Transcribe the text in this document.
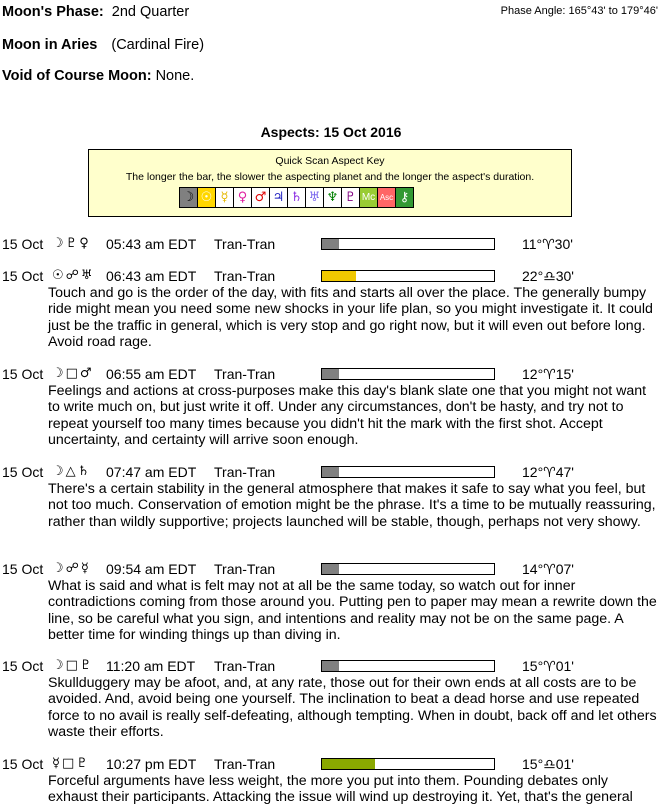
Moon's Phase: 2nd Quarter	Phase Angle: 165°43' to 179°46'
Moon in Aries (Cardinal Fire)
Void of Course Moon: None.
Aspects: 15 Oct 2016
Quick Scan Aspect Key
The longer the bar, the slower the aspecting planet and the longer the aspect's duration.
☽ ☉ ☿ ♀ ♂ ♃ ♄ ♅ ♆ ♇ Mc Asc ⚷
15 Oct ☽♇♀ 05:43 am EDT Tran-Tran	11°♈30'
15 Oct ☉☍♅ 06:43 am EDT Tran-Tran	22°♎30'
Touch and go is the order of the day, with fits and starts all over the place. The generally bumpy ride might mean you need some new shocks in your life plan, so you might investigate it. It could just be the traffic in general, which is very stop and go right now, but it will even out before long. Avoid road rage.
15 Oct ☽□♂ 06:55 am EDT Tran-Tran	12°♈15'
Feelings and actions at cross-purposes make this day's blank slate one that you might not want to write much on, but just write it off. Under any circumstances, don't be hasty, and try not to repeat yourself too many times because you didn't hit the mark with the first shot. Accept uncertainty, and certainty will arrive soon enough.
15 Oct ☽△♄ 07:47 am EDT Tran-Tran	12°♈47'
There's a certain stability in the general atmosphere that makes it safe to say what you feel, but not too much. Conservation of emotion might be the phrase. It's a time to be mutually reassuring, rather than wildly supportive; projects launched will be stable, though, perhaps not very showy.
15 Oct ☽☍☿ 09:54 am EDT Tran-Tran	14°♈07'
What is said and what is felt may not at all be the same today, so watch out for inner contradictions coming from those around you. Putting pen to paper may mean a rewrite down the line, so be careful what you sign, and intentions and reality may not be on the same page. A better time for winding things up than diving in.
15 Oct ☽□♇ 11:20 am EDT Tran-Tran	15°♈01'
Skullduggery may be afoot, and, at any rate, those out for their own ends at all costs are to be avoided. And, avoid being one yourself. The inclination to beat a dead horse and use repeated force to no avail is really self-defeating, although tempting. When in doubt, back off and let others waste their efforts.
15 Oct ☿□♇ 10:27 pm EDT Tran-Tran	15°♎01'
Forceful arguments have less weight, the more you put into them. Pounding debates only exhaust their participants. Attacking the issue will wind up destroying it. Yet, that's the general
